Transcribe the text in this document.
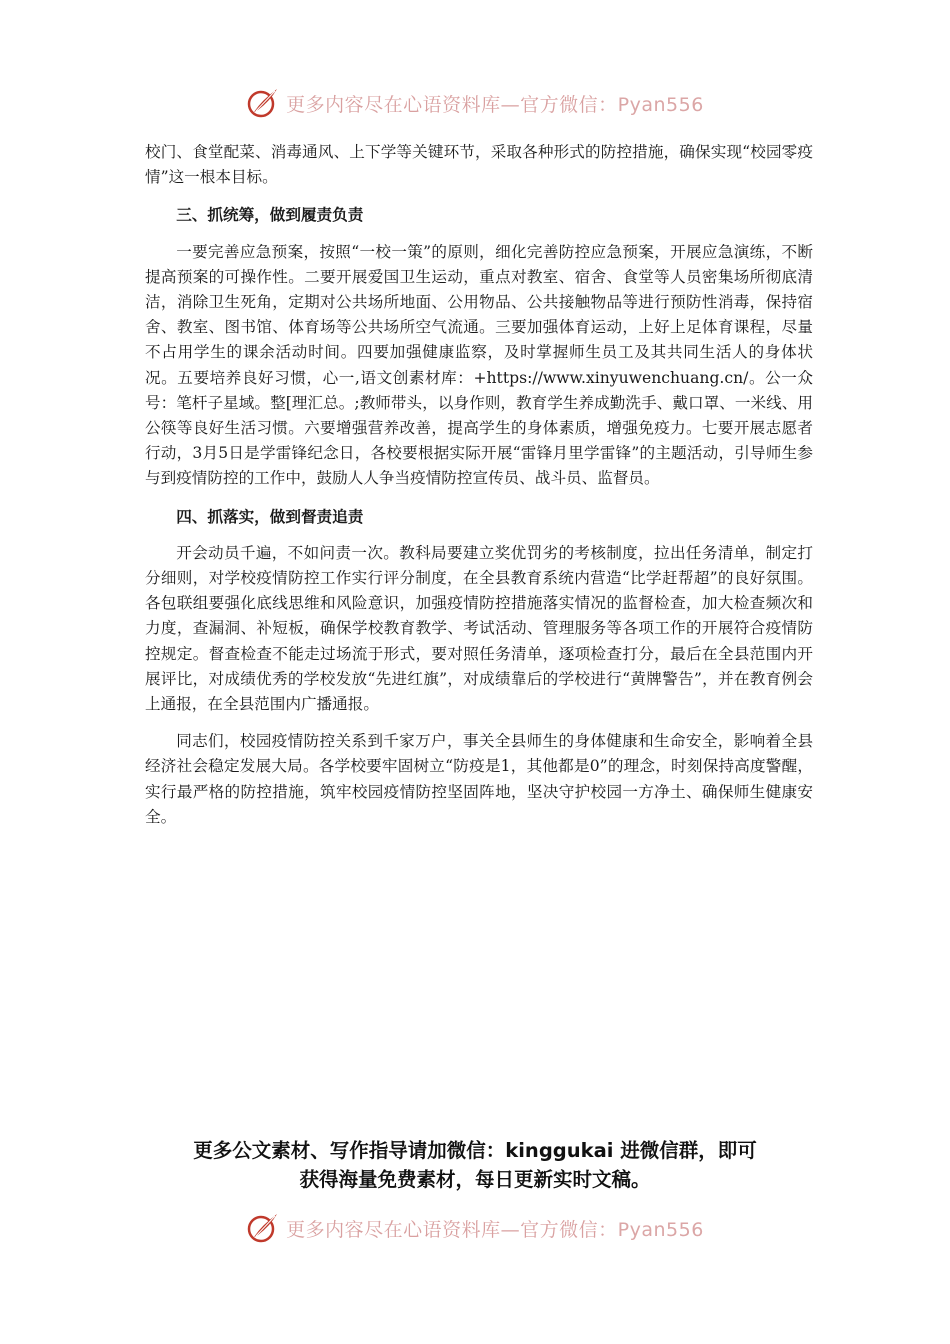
更多内容尽在心语资料库—官方微信：Pyan556

校门、食堂配菜、消毒通风、上下学等关键环节，采取各种形式的防控措施，确保实现“校园零疫情”这一根本目标。

三、抓统筹，做到履责负责

一要完善应急预案，按照“一校一策”的原则，细化完善防控应急预案，开展应急演练，不断提高预案的可操作性。二要开展爱国卫生运动，重点对教室、宿舍、食堂等人员密集场所彻底清洁，消除卫生死角，定期对公共场所地面、公用物品、公共接触物品等进行预防性消毒，保持宿舍、教室、图书馆、体育场等公共场所空气流通。三要加强体育运动，上好上足体育课程，尽量不占用学生的课余活动时间。四要加强健康监察，及时掌握师生员工及其共同生活人的身体状况。五要培养良好习惯，心一,语文创素材库：+https://www.xinyuwenchuang.cn/。公一众号：笔杆子星域。整[理汇总。;教师带头，以身作则，教育学生养成勤洗手、戴口罩、一米线、用公筷等良好生活习惯。六要增强营养改善，提高学生的身体素质，增强免疫力。七要开展志愿者行动，3月5日是学雷锋纪念日，各校要根据实际开展“雷锋月里学雷锋”的主题活动，引导师生参与到疫情防控的工作中，鼓励人人争当疫情防控宣传员、战斗员、监督员。

四、抓落实，做到督责追责

开会动员千遍，不如问责一次。教科局要建立奖优罚劣的考核制度，拉出任务清单，制定打分细则，对学校疫情防控工作实行评分制度，在全县教育系统内营造“比学赶帮超”的良好氛围。各包联组要强化底线思维和风险意识，加强疫情防控措施落实情况的监督检查，加大检查频次和力度，查漏洞、补短板，确保学校教育教学、考试活动、管理服务等各项工作的开展符合疫情防控规定。督查检查不能走过场流于形式，要对照任务清单，逐项检查打分，最后在全县范围内开展评比，对成绩优秀的学校发放“先进红旗”，对成绩靠后的学校进行“黄牌警告”，并在教育例会上通报，在全县范围内广播通报。

同志们，校园疫情防控关系到千家万户，事关全县师生的身体健康和生命安全，影响着全县经济社会稳定发展大局。各学校要牢固树立“防疫是1，其他都是0”的理念，时刻保持高度警醒，实行最严格的防控措施，筑牢校园疫情防控坚固阵地，坚决守护校园一方净土、确保师生健康安全。

更多公文素材、写作指导请加微信：kinggukai 进微信群，即可
获得海量免费素材，每日更新实时文稿。
更多内容尽在心语资料库—官方微信：Pyan556
